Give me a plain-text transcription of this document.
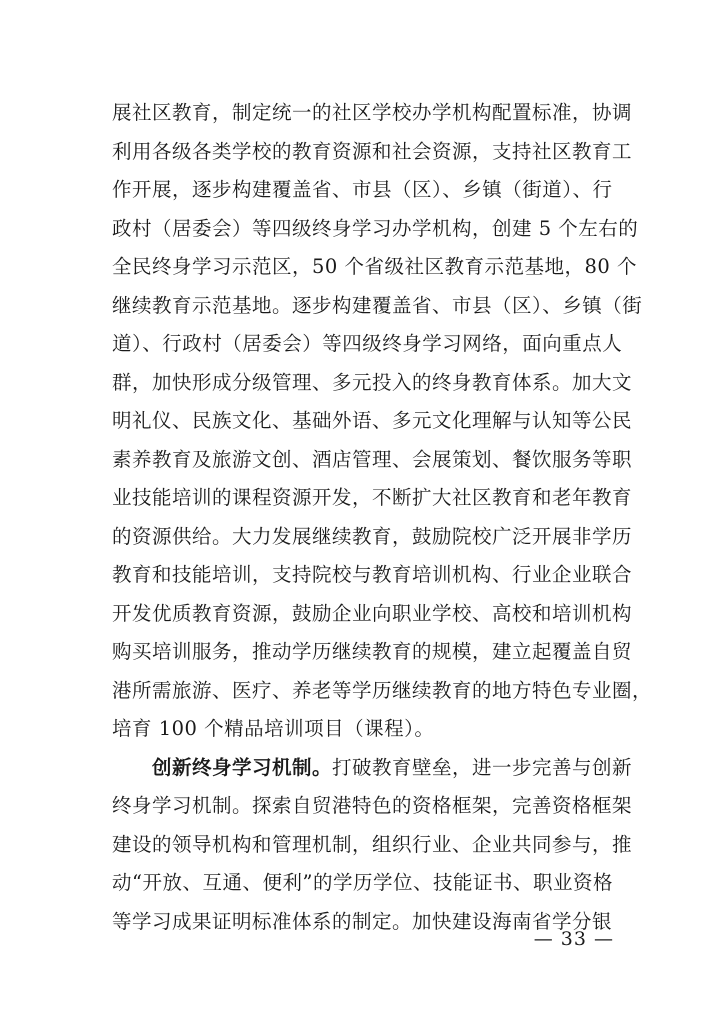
展社区教育，制定统一的社区学校办学机构配置标准，协调
利用各级各类学校的教育资源和社会资源，支持社区教育工
作开展，逐步构建覆盖省、市县（区）、乡镇（街道）、行
政村（居委会）等四级终身学习办学机构，创建 5 个左右的
全民终身学习示范区，50 个省级社区教育示范基地，80 个
继续教育示范基地。逐步构建覆盖省、市县（区）、乡镇（街
道）、行政村（居委会）等四级终身学习网络，面向重点人
群，加快形成分级管理、多元投入的终身教育体系。加大文
明礼仪、民族文化、基础外语、多元文化理解与认知等公民
素养教育及旅游文创、酒店管理、会展策划、餐饮服务等职
业技能培训的课程资源开发，不断扩大社区教育和老年教育
的资源供给。大力发展继续教育，鼓励院校广泛开展非学历
教育和技能培训，支持院校与教育培训机构、行业企业联合
开发优质教育资源，鼓励企业向职业学校、高校和培训机构
购买培训服务，推动学历继续教育的规模，建立起覆盖自贸
港所需旅游、医疗、养老等学历继续教育的地方特色专业圈，
培育 100 个精品培训项目（课程）。
创新终身学习机制。打破教育壁垒，进一步完善与创新
终身学习机制。探索自贸港特色的资格框架，完善资格框架
建设的领导机构和管理机制，组织行业、企业共同参与，推
动“开放、互通、便利”的学历学位、技能证书、职业资格
等学习成果证明标准体系的制定。加快建设海南省学分银
— 33 —
